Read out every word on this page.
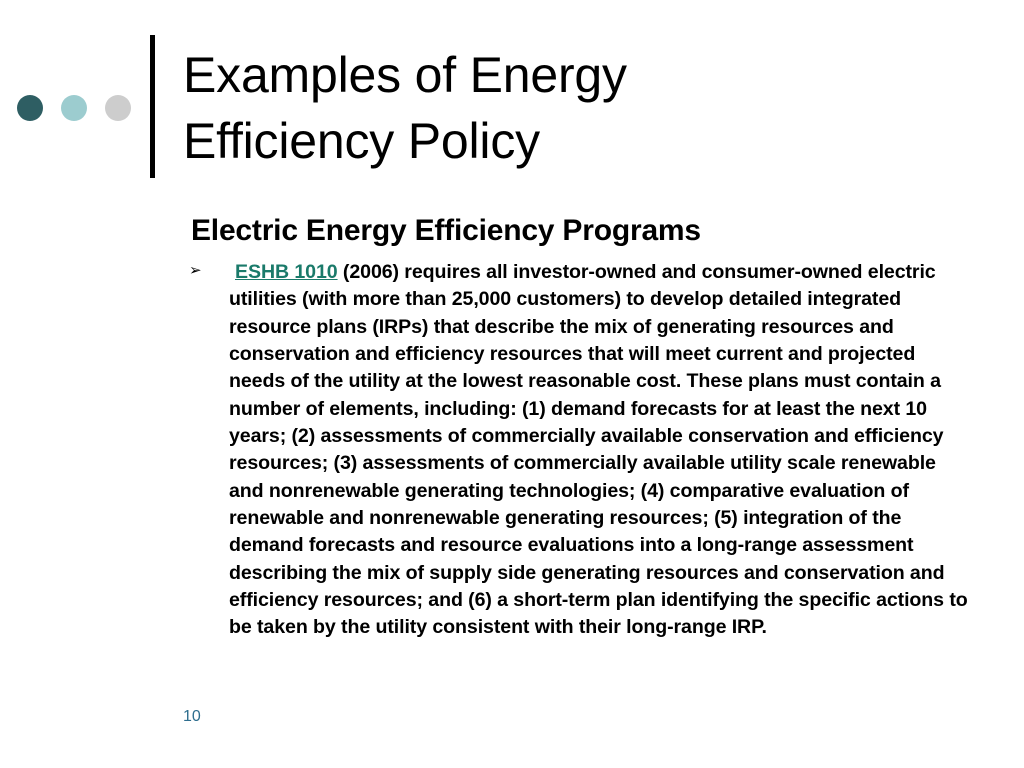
Examples of Energy
Efficiency Policy
Electric Energy Efficiency Programs
➢	ESHB 1010 (2006) requires all investor-owned and consumer-owned electric utilities (with more than 25,000 customers) to develop detailed integrated resource plans (IRPs) that describe the mix of generating resources and conservation and efficiency resources that will meet current and projected needs of the utility at the lowest reasonable cost. These plans must contain a number of elements, including: (1) demand forecasts for at least the next 10 years; (2) assessments of commercially available conservation and efficiency resources; (3) assessments of commercially available utility scale renewable and nonrenewable generating technologies; (4) comparative evaluation of renewable and nonrenewable generating resources; (5) integration of the demand forecasts and resource evaluations into a long-range assessment describing the mix of supply side generating resources and conservation and efficiency resources; and (6) a short-term plan identifying the specific actions to be taken by the utility consistent with their long-range IRP.

10
